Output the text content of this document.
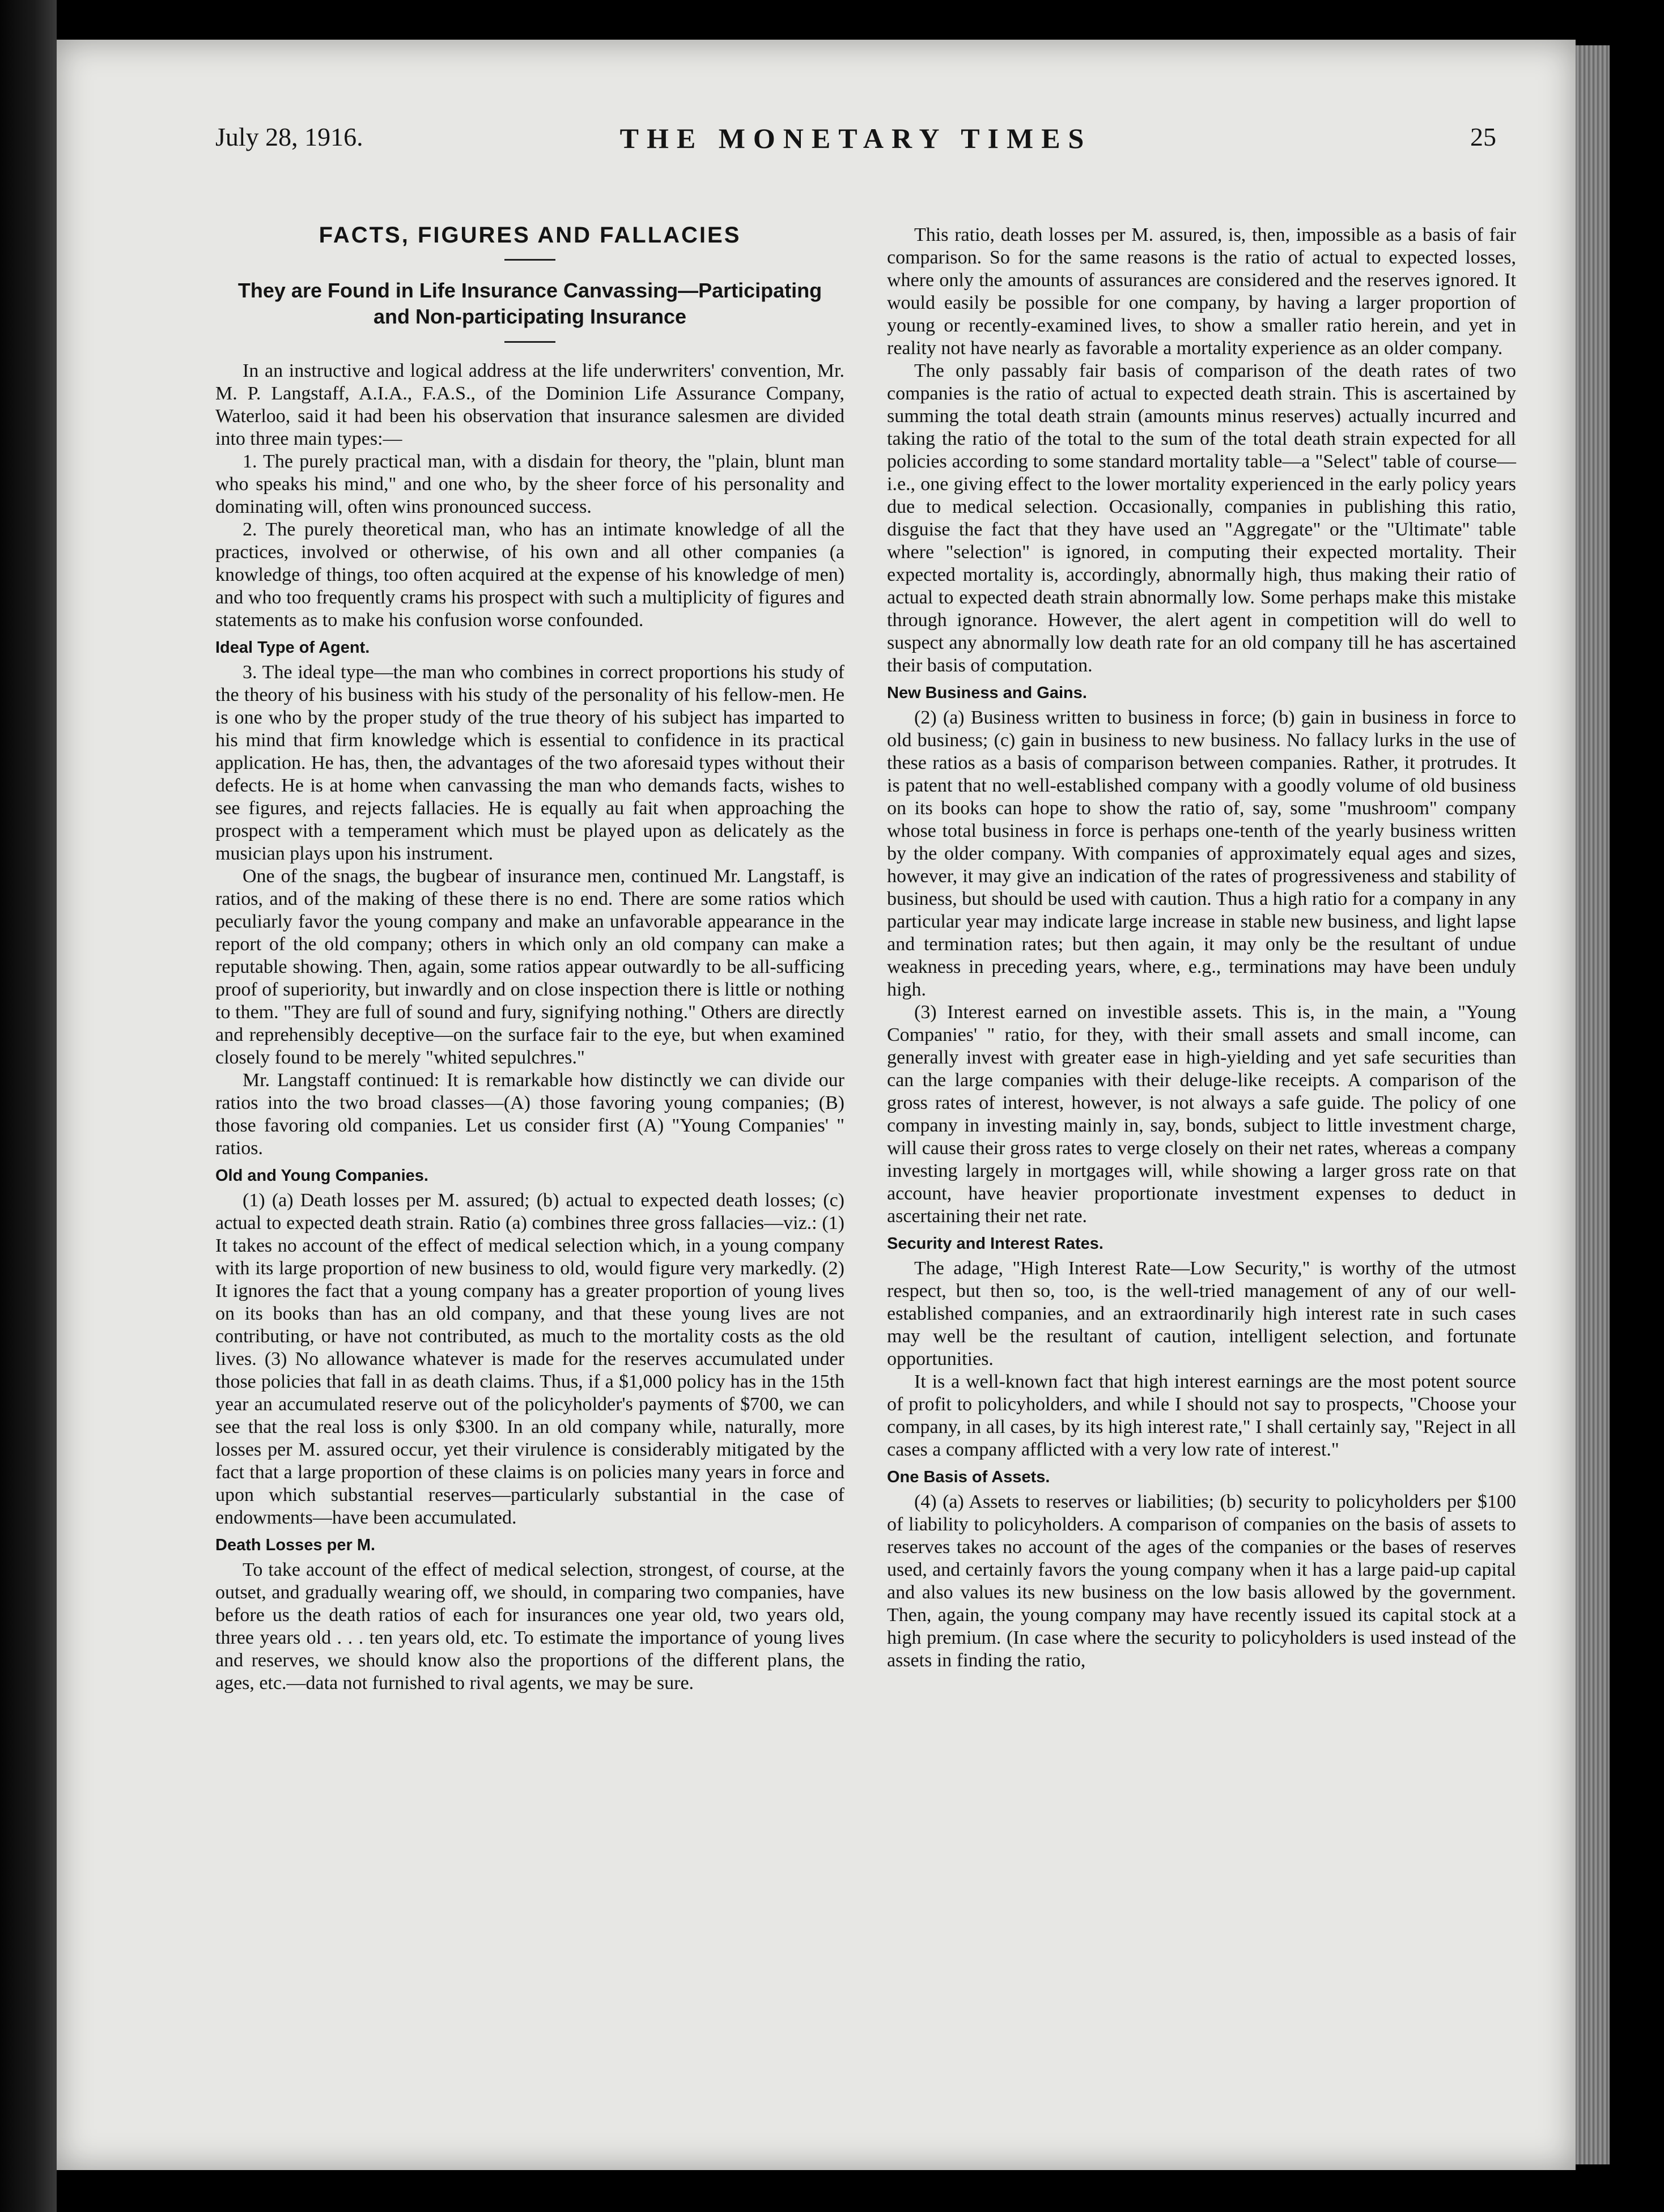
July 28, 1916.	THE MONETARY TIMES	25
FACTS, FIGURES AND FALLACIES
They are Found in Life Insurance Canvassing—Participating and Non-participating Insurance

In an instructive and logical address at the life underwriters' convention, Mr. M. P. Langstaff, A.I.A., F.A.S., of the Dominion Life Assurance Company, Waterloo, said it had been his observation that insurance salesmen are divided into three main types:—

1. The purely practical man, with a disdain for theory, the "plain, blunt man who speaks his mind," and one who, by the sheer force of his personality and dominating will, often wins pronounced success.

2. The purely theoretical man, who has an intimate knowledge of all the practices, involved or otherwise, of his own and all other companies (a knowledge of things, too often acquired at the expense of his knowledge of men) and who too frequently crams his prospect with such a multiplicity of figures and statements as to make his confusion worse confounded.

Ideal Type of Agent.

3. The ideal type—the man who combines in correct proportions his study of the theory of his business with his study of the personality of his fellow-men. He is one who by the proper study of the true theory of his subject has imparted to his mind that firm knowledge which is essential to confidence in its practical application. He has, then, the advantages of the two aforesaid types without their defects. He is at home when canvassing the man who demands facts, wishes to see figures, and rejects fallacies. He is equally au fait when approaching the prospect with a temperament which must be played upon as delicately as the musician plays upon his instrument.

One of the snags, the bugbear of insurance men, continued Mr. Langstaff, is ratios, and of the making of these there is no end. There are some ratios which peculiarly favor the young company and make an unfavorable appearance in the report of the old company; others in which only an old company can make a reputable showing. Then, again, some ratios appear outwardly to be all-sufficing proof of superiority, but inwardly and on close inspection there is little or nothing to them. "They are full of sound and fury, signifying nothing." Others are directly and reprehensibly deceptive—on the surface fair to the eye, but when examined closely found to be merely "whited sepulchres."

Mr. Langstaff continued: It is remarkable how distinctly we can divide our ratios into the two broad classes—(A) those favoring young companies; (B) those favoring old companies. Let us consider first (A) "Young Companies' " ratios.

Old and Young Companies.

(1) (a) Death losses per M. assured; (b) actual to expected death losses; (c) actual to expected death strain. Ratio (a) combines three gross fallacies—viz.: (1) It takes no account of the effect of medical selection which, in a young company with its large proportion of new business to old, would figure very markedly. (2) It ignores the fact that a young company has a greater proportion of young lives on its books than has an old company, and that these young lives are not contributing, or have not contributed, as much to the mortality costs as the old lives. (3) No allowance whatever is made for the reserves accumulated under those policies that fall in as death claims. Thus, if a $1,000 policy has in the 15th year an accumulated reserve out of the policyholder's payments of $700, we can see that the real loss is only $300. In an old company while, naturally, more losses per M. assured occur, yet their virulence is considerably mitigated by the fact that a large proportion of these claims is on policies many years in force and upon which substantial reserves—particularly substantial in the case of endowments—have been accumulated.

Death Losses per M.

To take account of the effect of medical selection, strongest, of course, at the outset, and gradually wearing off, we should, in comparing two companies, have before us the death ratios of each for insurances one year old, two years old, three years old . . . ten years old, etc. To estimate the importance of young lives and reserves, we should know also the proportions of the different plans, the ages, etc.—data not furnished to rival agents, we may be sure.

This ratio, death losses per M. assured, is, then, impossible as a basis of fair comparison. So for the same reasons is the ratio of actual to expected losses, where only the amounts of assurances are considered and the reserves ignored. It would easily be possible for one company, by having a larger proportion of young or recently-examined lives, to show a smaller ratio herein, and yet in reality not have nearly as favorable a mortality experience as an older company.

The only passably fair basis of comparison of the death rates of two companies is the ratio of actual to expected death strain. This is ascertained by summing the total death strain (amounts minus reserves) actually incurred and taking the ratio of the total to the sum of the total death strain expected for all policies according to some standard mortality table—a "Select" table of course—i.e., one giving effect to the lower mortality experienced in the early policy years due to medical selection. Occasionally, companies in publishing this ratio, disguise the fact that they have used an "Aggregate" or the "Ultimate" table where "selection" is ignored, in computing their expected mortality. Their expected mortality is, accordingly, abnormally high, thus making their ratio of actual to expected death strain abnormally low. Some perhaps make this mistake through ignorance. However, the alert agent in competition will do well to suspect any abnormally low death rate for an old company till he has ascertained their basis of computation.

New Business and Gains.

(2) (a) Business written to business in force; (b) gain in business in force to old business; (c) gain in business to new business. No fallacy lurks in the use of these ratios as a basis of comparison between companies. Rather, it protrudes. It is patent that no well-established company with a goodly volume of old business on its books can hope to show the ratio of, say, some "mushroom" company whose total business in force is perhaps one-tenth of the yearly business written by the older company. With companies of approximately equal ages and sizes, however, it may give an indication of the rates of progressiveness and stability of business, but should be used with caution. Thus a high ratio for a company in any particular year may indicate large increase in stable new business, and light lapse and termination rates; but then again, it may only be the resultant of undue weakness in preceding years, where, e.g., terminations may have been unduly high.

(3) Interest earned on investible assets. This is, in the main, a "Young Companies' " ratio, for they, with their small assets and small income, can generally invest with greater ease in high-yielding and yet safe securities than can the large companies with their deluge-like receipts. A comparison of the gross rates of interest, however, is not always a safe guide. The policy of one company in investing mainly in, say, bonds, subject to little investment charge, will cause their gross rates to verge closely on their net rates, whereas a company investing largely in mortgages will, while showing a larger gross rate on that account, have heavier proportionate investment expenses to deduct in ascertaining their net rate.

Security and Interest Rates.

The adage, "High Interest Rate—Low Security," is worthy of the utmost respect, but then so, too, is the well-tried management of any of our well-established companies, and an extraordinarily high interest rate in such cases may well be the resultant of caution, intelligent selection, and fortunate opportunities.

It is a well-known fact that high interest earnings are the most potent source of profit to policyholders, and while I should not say to prospects, "Choose your company, in all cases, by its high interest rate," I shall certainly say, "Reject in all cases a company afflicted with a very low rate of interest."

One Basis of Assets.

(4) (a) Assets to reserves or liabilities; (b) security to policyholders per $100 of liability to policyholders. A comparison of companies on the basis of assets to reserves takes no account of the ages of the companies or the bases of reserves used, and certainly favors the young company when it has a large paid-up capital and also values its new business on the low basis allowed by the government. Then, again, the young company may have recently issued its capital stock at a high premium. (In case where the security to policyholders is used instead of the assets in finding the ratio,
